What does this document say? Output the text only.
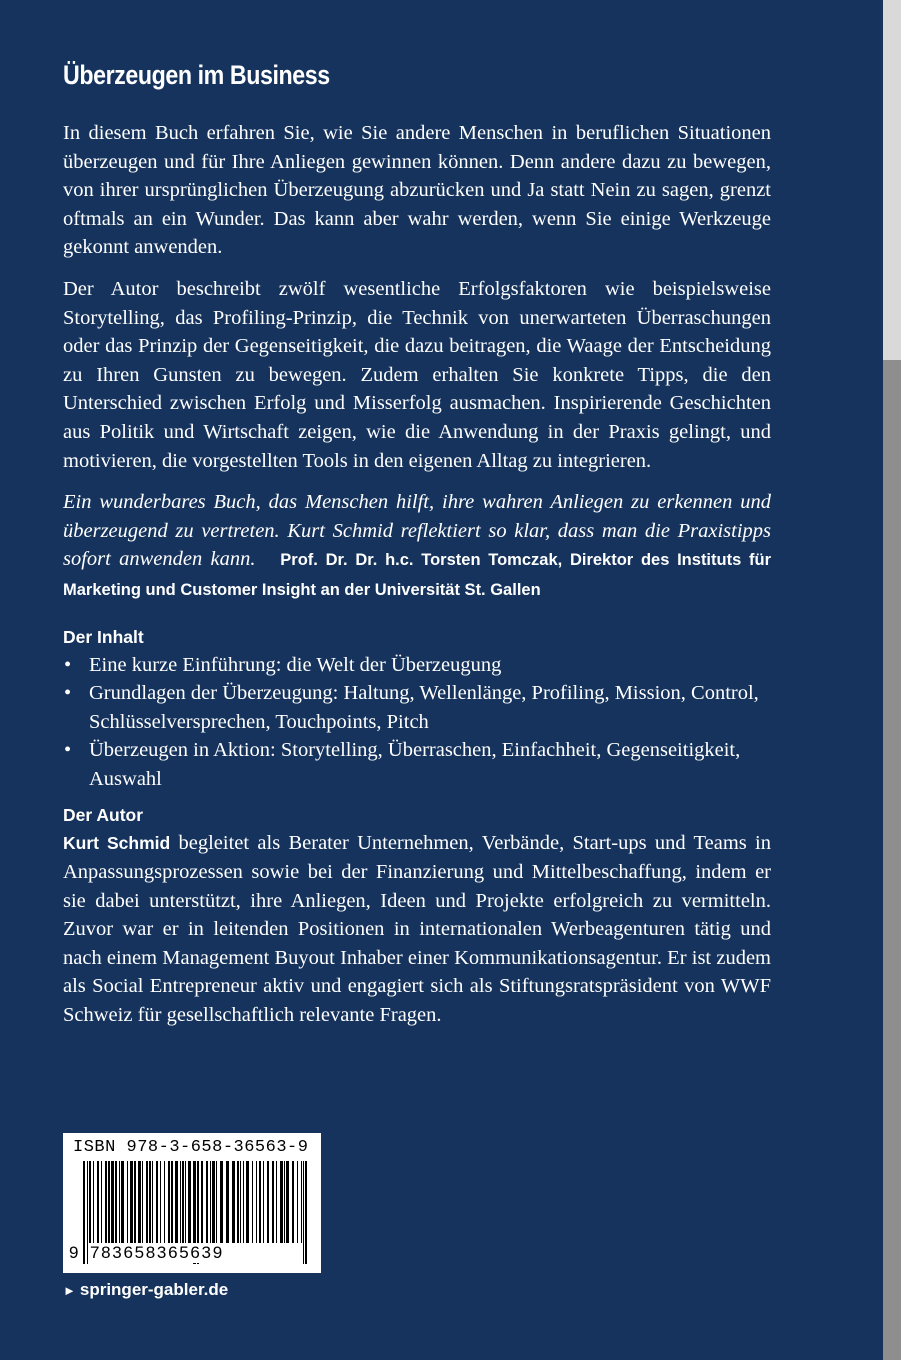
Überzeugen im Business

In diesem Buch erfahren Sie, wie Sie andere Menschen in beruflichen Situationen überzeugen und für Ihre Anliegen gewinnen können. Denn andere dazu zu bewegen, von ihrer ursprünglichen Überzeugung abzurücken und Ja statt Nein zu sagen, grenzt oftmals an ein Wunder. Das kann aber wahr werden, wenn Sie einige Werkzeuge gekonnt anwenden.

Der Autor beschreibt zwölf wesentliche Erfolgsfaktoren wie beispielsweise Storytelling, das Profiling-Prinzip, die Technik von unerwarteten Überraschungen oder das Prinzip der Gegenseitigkeit, die dazu beitragen, die Waage der Entscheidung zu Ihren Gunsten zu bewegen. Zudem erhalten Sie konkrete Tipps, die den Unterschied zwischen Erfolg und Misserfolg ausmachen. Inspirierende Geschichten aus Politik und Wirtschaft zeigen, wie die Anwendung in der Praxis gelingt, und motivieren, die vorgestellten Tools in den eigenen Alltag zu integrieren.

Ein wunderbares Buch, das Menschen hilft, ihre wahren Anliegen zu erkennen und überzeugend zu vertreten. Kurt Schmid reflektiert so klar, dass man die Praxistipps sofort anwenden kann. Prof. Dr. Dr. h.c. Torsten Tomczak, Direktor des Instituts für Marketing und Customer Insight an der Universität St. Gallen

Der Inhalt
• Eine kurze Einführung: die Welt der Überzeugung
• Grundlagen der Überzeugung: Haltung, Wellenlänge, Profiling, Mission, Control, Schlüsselversprechen, Touchpoints, Pitch
• Überzeugen in Aktion: Storytelling, Überraschen, Einfachheit, Gegenseitigkeit, Auswahl
Der Autor

Kurt Schmid begleitet als Berater Unternehmen, Verbände, Start-ups und Teams in Anpassungsprozessen sowie bei der Finanzierung und Mittelbeschaffung, indem er sie dabei unterstützt, ihre Anliegen, Ideen und Projekte erfolgreich zu vermitteln. Zuvor war er in leitenden Positionen in internationalen Werbeagenturen tätig und nach einem Management Buyout Inhaber einer Kommunikationsagentur. Er ist zudem als Social Entrepreneur aktiv und engagiert sich als Stiftungsratspräsident von WWF Schweiz für gesellschaftlich relevante Fragen.

ISBN 978-3-658-36563-9
9 783658365639
► springer-gabler.de
